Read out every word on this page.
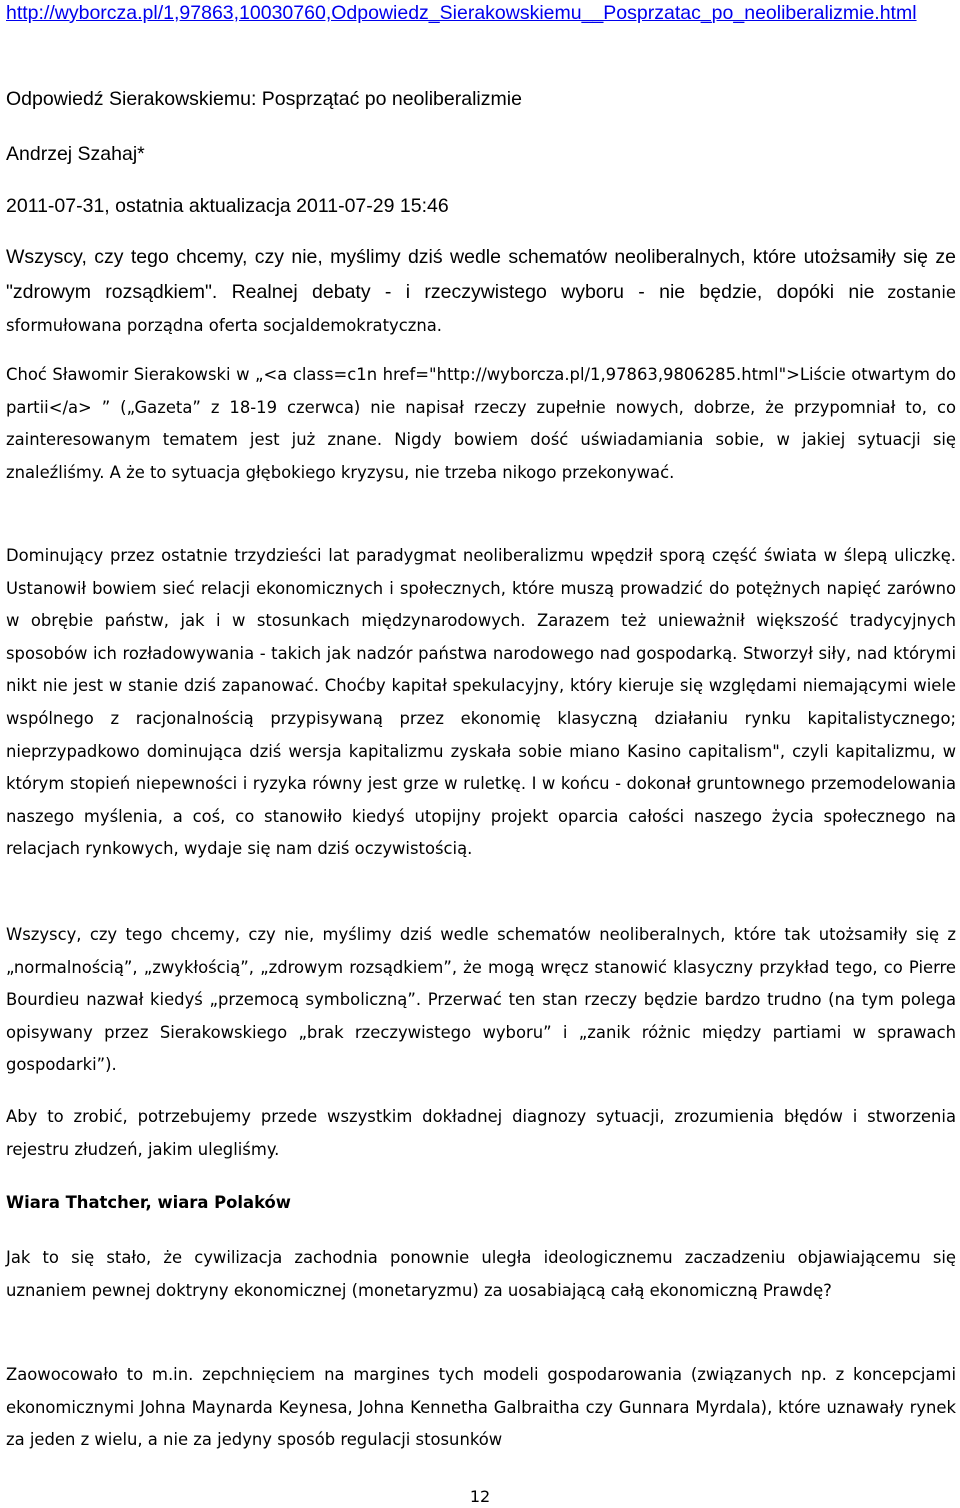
http://wyborcza.pl/1,97863,10030760,Odpowiedz_Sierakowskiemu__Posprzatac_po_neoliberalizmie.html
Odpowiedź Sierakowskiemu: Posprzątać po neoliberalizmie

Andrzej Szahaj*

2011-07-31, ostatnia aktualizacja 2011-07-29 15:46

Wszyscy, czy tego chcemy, czy nie, myślimy dziś wedle schematów neoliberalnych, które utożsamiły się ze "zdrowym rozsądkiem". Realnej debaty - i rzeczywistego wyboru - nie będzie, dopóki nie zostanie sformułowana porządna oferta socjaldemokratyczna.

Choć Sławomir Sierakowski w „<a class=c1n href="http://wyborcza.pl/1,97863,9806285.html">Liście otwartym do partii</a> ” („Gazeta” z 18-19 czerwca) nie napisał rzeczy zupełnie nowych, dobrze, że przypomniał to, co zainteresowanym tematem jest już znane. Nigdy bowiem dość uświadamiania sobie, w jakiej sytuacji się znaleźliśmy. A że to sytuacja głębokiego kryzysu, nie trzeba nikogo przekonywać.

Dominujący przez ostatnie trzydzieści lat paradygmat neoliberalizmu wpędził sporą część świata w ślepą uliczkę. Ustanowił bowiem sieć relacji ekonomicznych i społecznych, które muszą prowadzić do potężnych napięć zarówno w obrębie państw, jak i w stosunkach międzynarodowych. Zarazem też unieważnił większość tradycyjnych sposobów ich rozładowywania - takich jak nadzór państwa narodowego nad gospodarką. Stworzył siły, nad którymi nikt nie jest w stanie dziś zapanować. Choćby kapitał spekulacyjny, który kieruje się względami niemającymi wiele wspólnego z racjonalnością przypisywaną przez ekonomię klasyczną działaniu rynku kapitalistycznego; nieprzypadkowo dominująca dziś wersja kapitalizmu zyskała sobie miano Kasino capitalism", czyli kapitalizmu, w którym stopień niepewności i ryzyka równy jest grze w ruletkę. I w końcu - dokonał gruntownego przemodelowania naszego myślenia, a coś, co stanowiło kiedyś utopijny projekt oparcia całości naszego życia społecznego na relacjach rynkowych, wydaje się nam dziś oczywistością.

Wszyscy, czy tego chcemy, czy nie, myślimy dziś wedle schematów neoliberalnych, które tak utożsamiły się z „normalnością”, „zwykłością”, „zdrowym rozsądkiem”, że mogą wręcz stanowić klasyczny przykład tego, co Pierre Bourdieu nazwał kiedyś „przemocą symboliczną”. Przerwać ten stan rzeczy będzie bardzo trudno (na tym polega opisywany przez Sierakowskiego „brak rzeczywistego wyboru” i „zanik różnic między partiami w sprawach gospodarki”).

Aby to zrobić, potrzebujemy przede wszystkim dokładnej diagnozy sytuacji, zrozumienia błędów i stworzenia rejestru złudzeń, jakim ulegliśmy.

Wiara Thatcher, wiara Polaków

Jak to się stało, że cywilizacja zachodnia ponownie uległa ideologicznemu zaczadzeniu objawiającemu się uznaniem pewnej doktryny ekonomicznej (monetaryzmu) za uosabiającą całą ekonomiczną Prawdę?

Zaowocowało to m.in. zepchnięciem na margines tych modeli gospodarowania (związanych np. z koncepcjami ekonomicznymi Johna Maynarda Keynesa, Johna Kennetha Galbraitha czy Gunnara Myrdala), które uznawały rynek za jeden z wielu, a nie za jedyny sposób regulacji stosunków

12
